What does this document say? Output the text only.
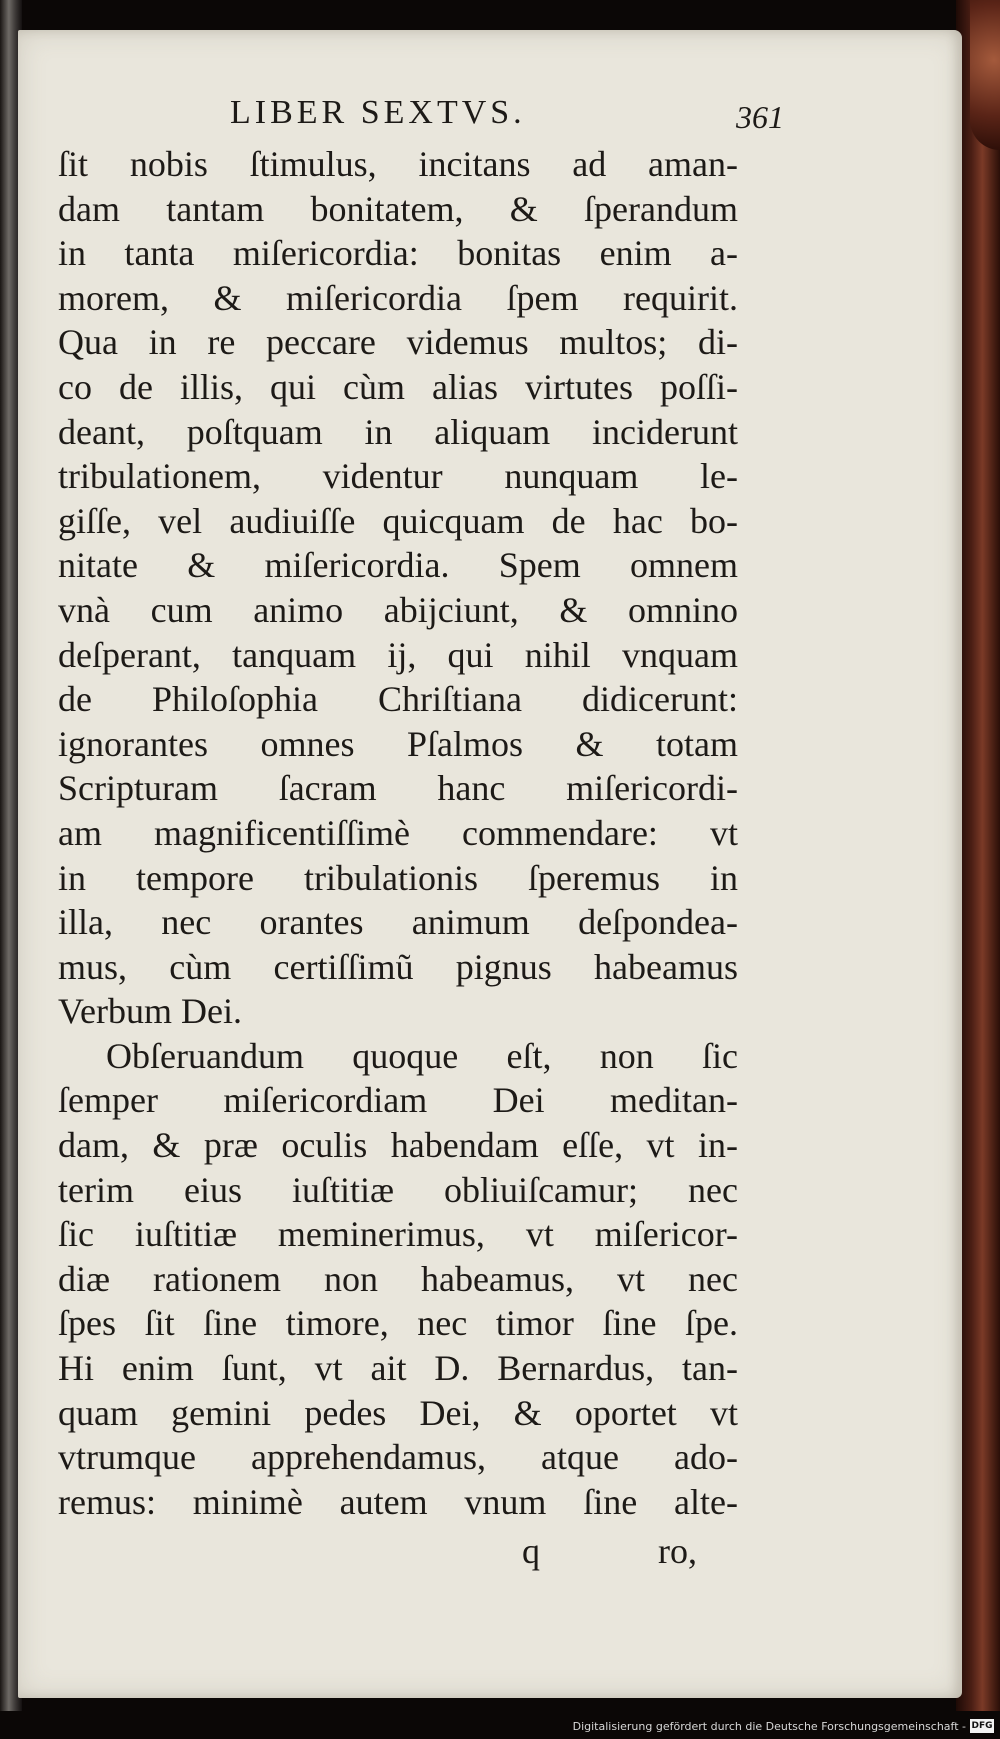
LIBER SEXTVS.	361
ſit nobis ſtimulus, incitans ad aman-
dam tantam bonitatem, & ſperandum
in tanta miſericordia: bonitas enim a-
morem, & miſericordia ſpem requirit.
Qua in re peccare videmus multos; di-
co de illis, qui cùm alias virtutes poſſi-
deant, poſtquam in aliquam inciderunt
tribulationem, videntur nunquam le-
giſſe, vel audiuiſſe quicquam de hac bo-
nitate & miſericordia. Spem omnem
vnà cum animo abijciunt, & omnino
deſperant, tanquam ij, qui nihil vnquam
de Philoſophia Chriſtiana didicerunt:
ignorantes omnes Pſalmos & totam
Scripturam ſacram hanc miſericordi-
am magnificentiſſimè commendare: vt
in tempore tribulationis ſperemus in
illa, nec orantes animum deſpondea-
mus, cùm certiſſimũ pignus habeamus
Verbum Dei.
Obſeruandum quoque eſt, non ſic
ſemper miſericordiam Dei meditan-
dam, & præ oculis habendam eſſe, vt in-
terim eius iuſtitiæ obliuiſcamur; nec
ſic iuſtitiæ meminerimus, vt miſericor-
diæ rationem non habeamus, vt nec
ſpes ſit ſine timore, nec timor ſine ſpe.
Hi enim ſunt, vt ait D. Bernardus, tan-
quam gemini pedes Dei, & oportet vt
vtrumque apprehendamus, atque ado-
remus: minimè autem vnum ſine alte-
q	ro,
Digitalisierung gefördert durch die Deutsche Forschungsgemeinschaft - DFG
